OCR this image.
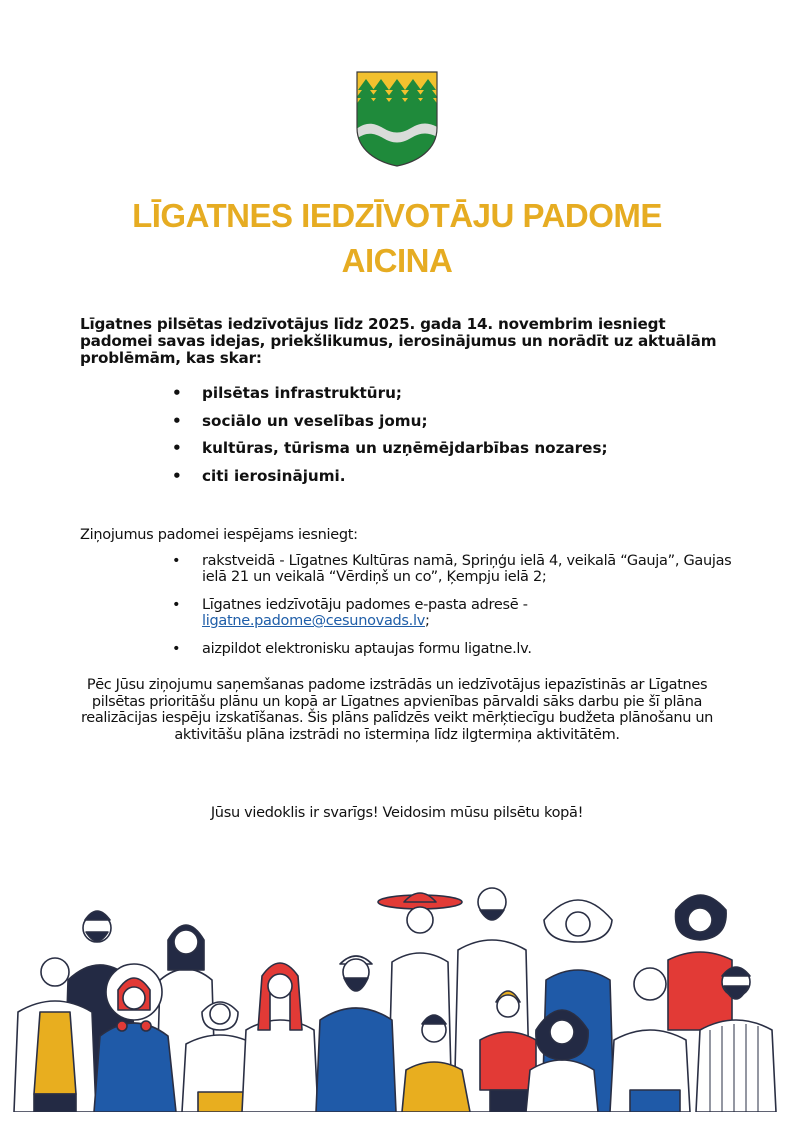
LĪGATNES IEDZĪVOTĀJU PADOME
AICINA
Līgatnes pilsētas iedzīvotājus līdz 2025. gada 14. novembrim iesniegt padomei savas idejas, priekšlikumus, ierosinājumus un norādīt uz aktuālām problēmām, kas skar:
• pilsētas infrastruktūru;
• sociālo un veselības jomu;
• kultūras, tūrisma un uzņēmējdarbības nozares;
• citi ierosinājumi.
Ziņojumus padomei iespējams iesniegt:
• rakstveidā - Līgatnes Kultūras namā, Spriņģu ielā 4, veikalā “Gauja”, Gaujas ielā 21 un veikalā “Vērdiņš un co”, Ķempju ielā 2;
• Līgatnes iedzīvotāju padomes e-pasta adresē -
ligatne.padome@cesunovads.lv;
• aizpildot elektronisku aptaujas formu ligatne.lv.
Pēc Jūsu ziņojumu saņemšanas padome izstrādās un iedzīvotājus iepazīstinās ar Līgatnes pilsētas prioritāšu plānu un kopā ar Līgatnes apvienības pārvaldi sāks darbu pie šī plāna realizācijas iespēju izskatīšanas. Šis plāns palīdzēs veikt mērķtiecīgu budžeta plānošanu un aktivitāšu plāna izstrādi no īstermiņa līdz ilgtermiņa aktivitātēm.
Jūsu viedoklis ir svarīgs! Veidosim mūsu pilsētu kopā!
